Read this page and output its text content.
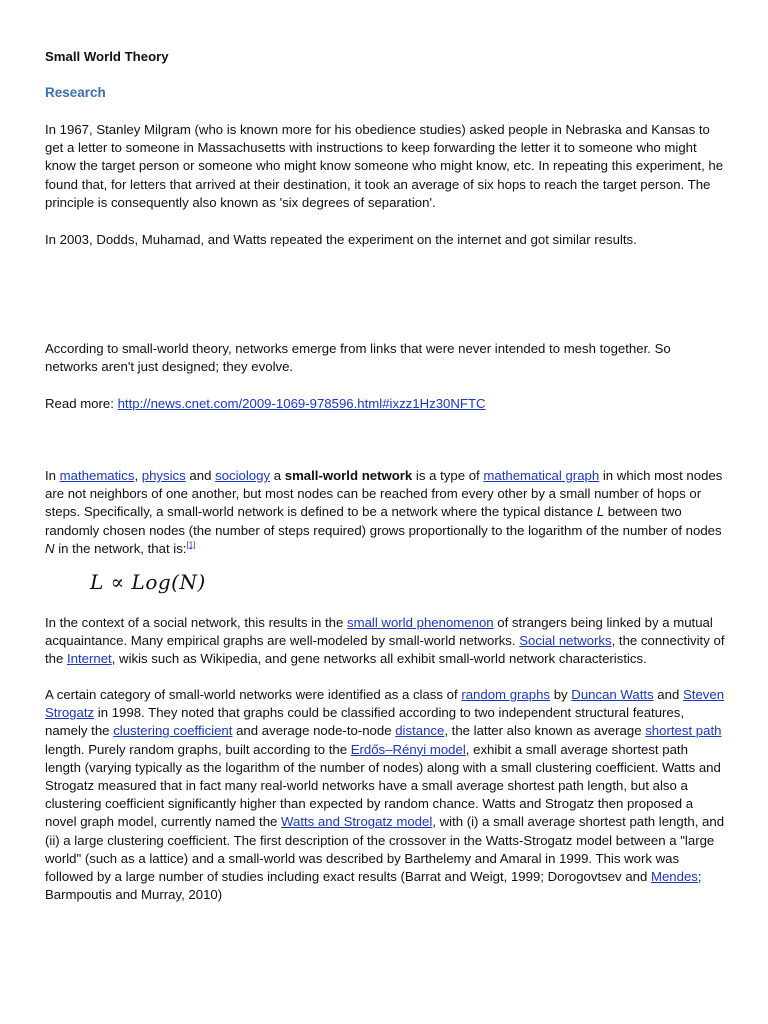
Small World Theory
Research

In 1967, Stanley Milgram (who is known more for his obedience studies) asked people in Nebraska and Kansas to get a letter to someone in Massachusetts with instructions to keep forwarding the letter it to someone who might know the target person or someone who might know someone who might know, etc. In repeating this experiment, he found that, for letters that arrived at their destination, it took an average of six hops to reach the target person. The principle is consequently also known as 'six degrees of separation'.

In 2003, Dodds, Muhamad, and Watts repeated the experiment on the internet and got similar results.

According to small-world theory, networks emerge from links that were never intended to mesh together. So networks aren't just designed; they evolve.

Read more: http://news.cnet.com/2009-1069-978596.html#ixzz1Hz30NFTC

In mathematics, physics and sociology a small-world network is a type of mathematical graph in which most nodes are not neighbors of one another, but most nodes can be reached from every other by a small number of hops or steps. Specifically, a small-world network is defined to be a network where the typical distance L between two randomly chosen nodes (the number of steps required) grows proportionally to the logarithm of the number of nodes N in the network, that is:[1]

L ∝ Log(N)

In the context of a social network, this results in the small world phenomenon of strangers being linked by a mutual acquaintance. Many empirical graphs are well-modeled by small-world networks. Social networks, the connectivity of the Internet, wikis such as Wikipedia, and gene networks all exhibit small-world network characteristics.

A certain category of small-world networks were identified as a class of random graphs by Duncan Watts and Steven Strogatz in 1998. They noted that graphs could be classified according to two independent structural features, namely the clustering coefficient and average node-to-node distance, the latter also known as average shortest path length. Purely random graphs, built according to the Erdős–Rényi model, exhibit a small average shortest path length (varying typically as the logarithm of the number of nodes) along with a small clustering coefficient. Watts and Strogatz measured that in fact many real-world networks have a small average shortest path length, but also a clustering coefficient significantly higher than expected by random chance. Watts and Strogatz then proposed a novel graph model, currently named the Watts and Strogatz model, with (i) a small average shortest path length, and (ii) a large clustering coefficient. The first description of the crossover in the Watts-Strogatz model between a "large world" (such as a lattice) and a small-world was described by Barthelemy and Amaral in 1999. This work was followed by a large number of studies including exact results (Barrat and Weigt, 1999; Dorogovtsev and Mendes; Barmpoutis and Murray, 2010)
